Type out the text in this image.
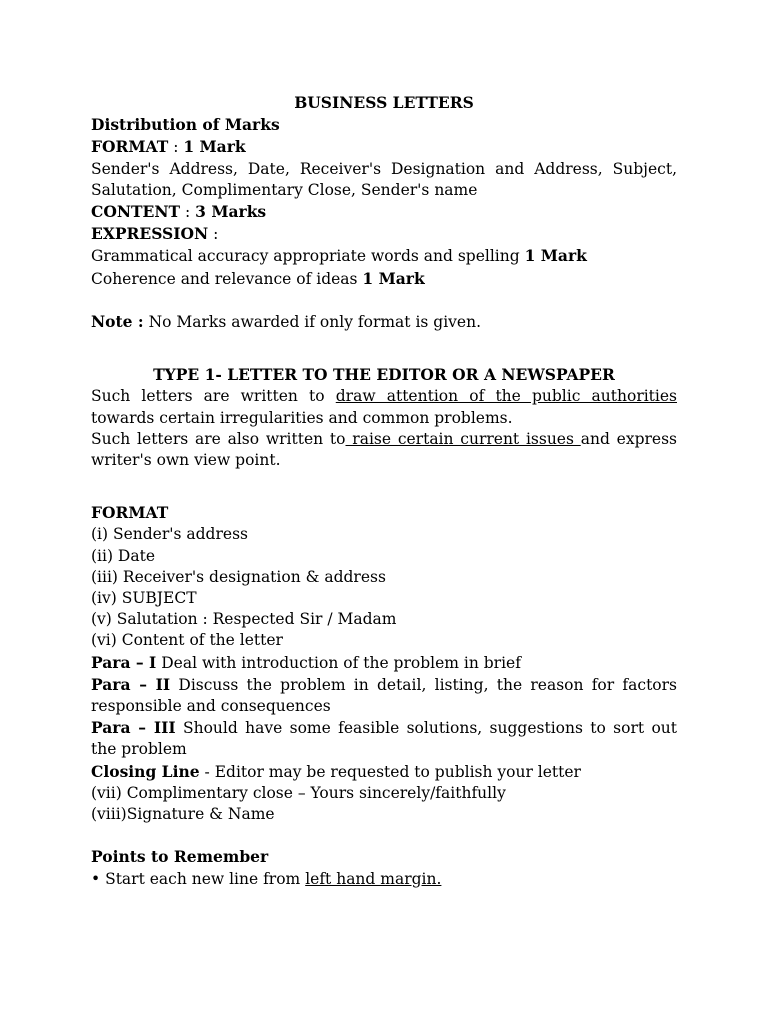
BUSINESS LETTERS

Distribution of Marks

FORMAT : 1 Mark

Sender's Address, Date, Receiver's Designation and Address, Subject,

Salutation, Complimentary Close, Sender's name

CONTENT : 3 Marks

EXPRESSION :

Grammatical accuracy appropriate words and spelling 1 Mark

Coherence and relevance of ideas 1 Mark

Note : No Marks awarded if only format is given.

TYPE 1- LETTER TO THE EDITOR OR A NEWSPAPER

Such letters are written to draw attention of the public authorities towards certain irregularities and common problems.

Such letters are also written to raise certain current issues and express writer's own view point.

FORMAT

(i) Sender's address

(ii) Date

(iii) Receiver's designation & address

(iv) SUBJECT

(v) Salutation : Respected Sir / Madam

(vi) Content of the letter

Para – I Deal with introduction of the problem in brief

Para – II Discuss the problem in detail, listing, the reason for factors responsible and consequences

Para – III Should have some feasible solutions, suggestions to sort out the problem

Closing Line - Editor may be requested to publish your letter

(vii) Complimentary close – Yours sincerely/faithfully

(viii)Signature & Name

Points to Remember

• Start each new line from left hand margin.
